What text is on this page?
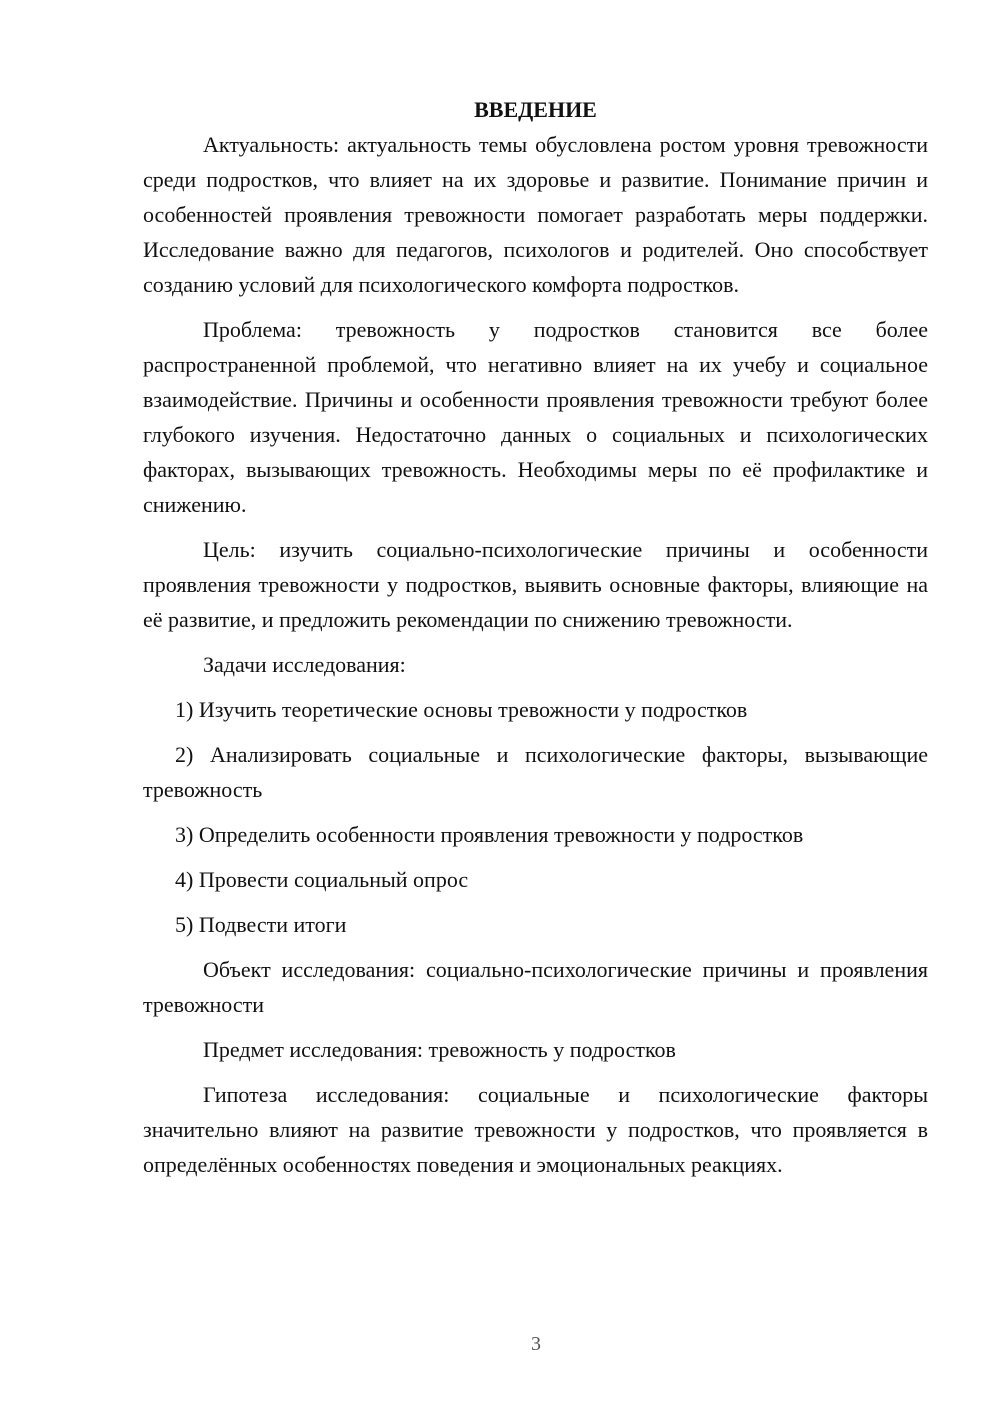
ВВЕДЕНИЕ

Актуальность: актуальность темы обусловлена ростом уровня тревожности среди подростков, что влияет на их здоровье и развитие. Понимание причин и особенностей проявления тревожности помогает разработать меры поддержки. Исследование важно для педагогов, психологов и родителей. Оно способствует созданию условий для психологического комфорта подростков.

Проблема: тревожность у подростков становится все более распространенной проблемой, что негативно влияет на их учебу и социальное взаимодействие. Причины и особенности проявления тревожности требуют более глубокого изучения. Недостаточно данных о социальных и психологических факторах, вызывающих тревожность. Необходимы меры по её профилактике и снижению.

Цель: изучить социально-психологические причины и особенности проявления тревожности у подростков, выявить основные факторы, влияющие на её развитие, и предложить рекомендации по снижению тревожности.

Задачи исследования:

1) Изучить теоретические основы тревожности у подростков

2) Анализировать социальные и психологические факторы, вызывающие тревожность

3) Определить особенности проявления тревожности у подростков

4) Провести социальный опрос

5) Подвести итоги

Объект исследования: социально-психологические причины и проявления тревожности

Предмет исследования: тревожность у подростков

Гипотеза исследования: социальные и психологические факторы значительно влияют на развитие тревожности у подростков, что проявляется в определённых особенностях поведения и эмоциональных реакциях.

3
